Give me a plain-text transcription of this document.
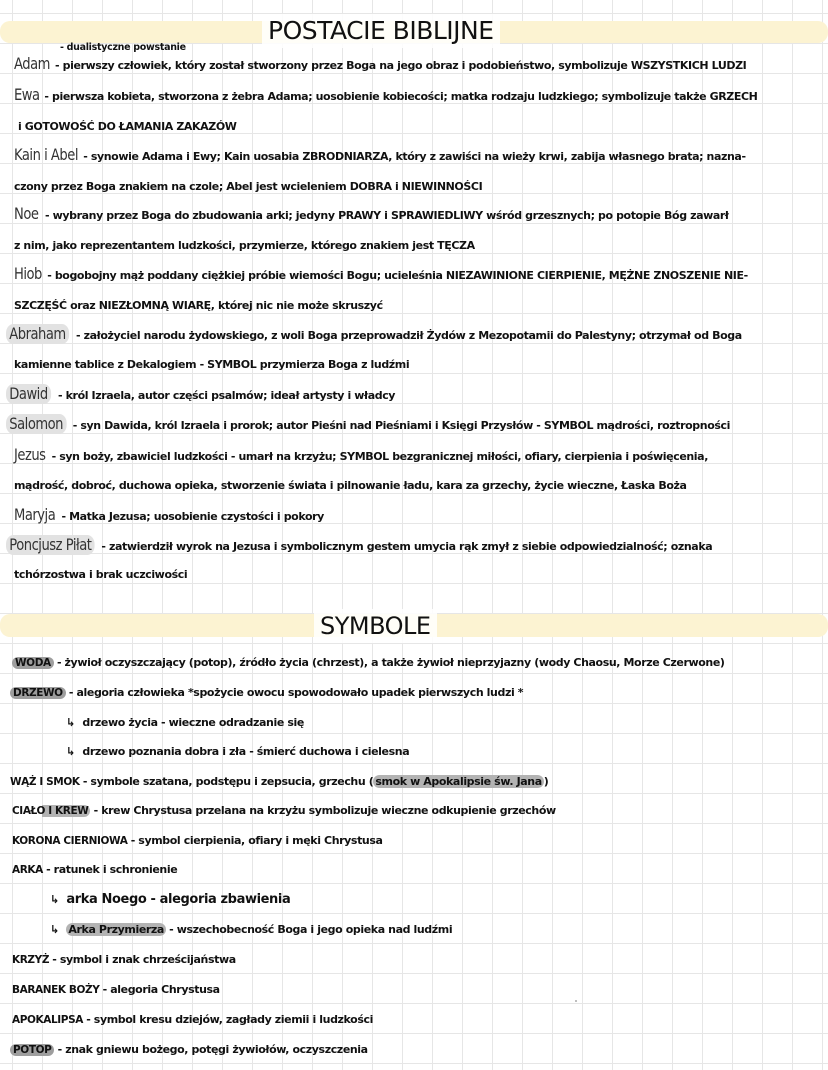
POSTACIE BIBLIJNE
- dualistyczne powstanie
Adam - pierwszy człowiek, który został stworzony przez Boga na jego obraz i podobieństwo, symbolizuje WSZYSTKICH LUDZI
Ewa - pierwsza kobieta, stworzona z żebra Adama; uosobienie kobiecości; matka rodzaju ludzkiego; symbolizuje także GRZECH
i GOTOWOŚĆ DO ŁAMANIA ZAKAZÓW
Kain i Abel - synowie Adama i Ewy; Kain uosabia ZBRODNIARZA, który z zawiści na wieży krwi, zabija własnego brata; nazna-
czony przez Boga znakiem na czole; Abel jest wcieleniem DOBRA i NIEWINNOŚCI
Noe - wybrany przez Boga do zbudowania arki; jedyny PRAWY i SPRAWIEDLIWY wśród grzesznych; po potopie Bóg zawarł
z nim, jako reprezentantem ludzkości, przymierze, którego znakiem jest TĘCZA
Hiob - bogobojny mąż poddany ciężkiej próbie wiemości Bogu; ucieleśnia NIEZAWINIONE CIERPIENIE, MĘŻNE ZNOSZENIE NIE-
SZCZĘŚĆ oraz NIEZŁOMNĄ WIARĘ, której nic nie może skruszyć
Abraham - założyciel narodu żydowskiego, z woli Boga przeprowadził Żydów z Mezopotamii do Palestyny; otrzymał od Boga
kamienne tablice z Dekalogiem - SYMBOL przymierza Boga z ludźmi
Dawid - król Izraela, autor części psalmów; ideał artysty i władcy
Salomon - syn Dawida, król Izraela i prorok; autor Pieśni nad Pieśniami i Księgi Przysłów - SYMBOL mądrości, roztropności
Jezus - syn boży, zbawiciel ludzkości - umarł na krzyżu; SYMBOL bezgranicznej miłości, ofiary, cierpienia i poświęcenia,
mądrość, dobroć, duchowa opieka, stworzenie świata i pilnowanie ładu, kara za grzechy, życie wieczne, Łaska Boża
Maryja - Matka Jezusa; uosobienie czystości i pokory
Poncjusz Piłat - zatwierdził wyrok na Jezusa i symbolicznym gestem umycia rąk zmył z siebie odpowiedzialność; oznaka
tchórzostwa i brak uczciwości
SYMBOLE
WODA - żywioł oczyszczający (potop), źródło życia (chrzest), a także żywioł nieprzyjazny (wody Chaosu, Morze Czerwone)
DRZEWO - alegoria człowieka *spożycie owocu spowodowało upadek pierwszych ludzi *
↳ drzewo życia - wieczne odradzanie się
↳ drzewo poznania dobra i zła - śmierć duchowa i cielesna
WĄŻ I SMOK - symbole szatana, podstępu i zepsucia, grzechu ( smok w Apokalipsie św. Jana )
CIAŁO I KREW - krew Chrystusa przelana na krzyżu symbolizuje wieczne odkupienie grzechów
KORONA CIERNIOWA - symbol cierpienia, ofiary i męki Chrystusa
ARKA - ratunek i schronienie
↳ arka Noego - alegoria zbawienia
↳ Arka Przymierza - wszechobecność Boga i jego opieka nad ludźmi
KRZYŻ - symbol i znak chrześcijaństwa
BARANEK BOŻY - alegoria Chrystusa
APOKALIPSA - symbol kresu dziejów, zagłady ziemii i ludzkości
POTOP - znak gniewu bożego, potęgi żywiołów, oczyszczenia
